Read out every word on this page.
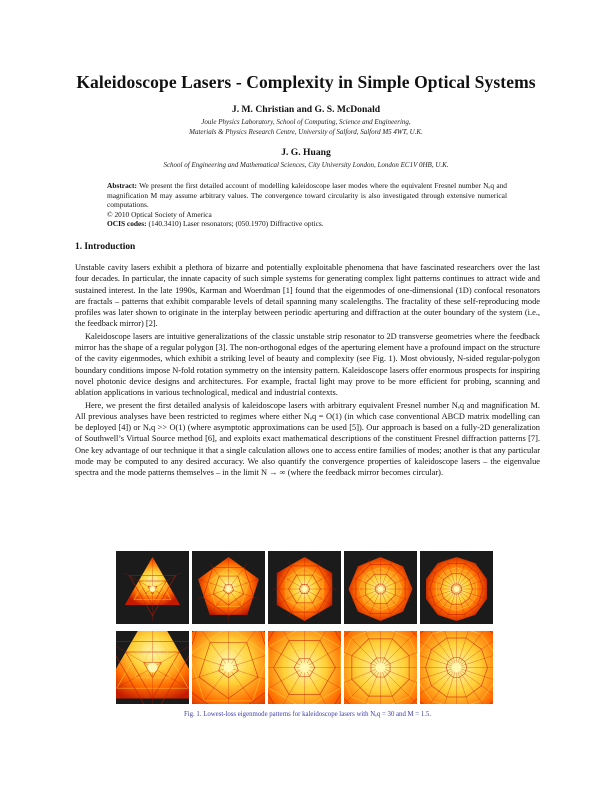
Kaleidoscope Lasers - Complexity in Simple Optical Systems
J. M. Christian and G. S. McDonald
Joule Physics Laboratory, School of Computing, Science and Engineering,
Materials & Physics Research Centre, University of Salford, Salford M5 4WT, U.K.
J. G. Huang
School of Engineering and Mathematical Sciences, City University London, London EC1V 0HB, U.K.

Abstract: We present the first detailed account of modelling kaleidoscope laser modes where the equivalent Fresnel number Nₑq and magnification M may assume arbitrary values. The convergence toward circularity is also investigated through extensive numerical computations.

© 2010 Optical Society of America

OCIS codes: (140.3410) Laser resonators; (050.1970) Diffractive optics.

1. Introduction

Unstable cavity lasers exhibit a plethora of bizarre and potentially exploitable phenomena that have fascinated researchers over the last four decades. In particular, the innate capacity of such simple systems for generating complex light patterns continues to attract wide and sustained interest. In the late 1990s, Karman and Woerdman [1] found that the eigenmodes of one-dimensional (1D) confocal resonators are fractals – patterns that exhibit comparable levels of detail spanning many scalelengths. The fractality of these self-reproducing mode profiles was later shown to originate in the interplay between periodic aperturing and diffraction at the outer boundary of the system (i.e., the feedback mirror) [2].

Kaleidoscope lasers are intuitive generalizations of the classic unstable strip resonator to 2D transverse geometries where the feedback mirror has the shape of a regular polygon [3]. The non-orthogonal edges of the aperturing element have a profound impact on the structure of the cavity eigenmodes, which exhibit a striking level of beauty and complexity (see Fig. 1). Most obviously, N-sided regular-polygon boundary conditions impose N-fold rotation symmetry on the intensity pattern. Kaleidoscope lasers offer enormous prospects for inspiring novel photonic device designs and architectures. For example, fractal light may prove to be more efficient for probing, scanning and ablation applications in various technological, medical and industrial contexts.

Here, we present the first detailed analysis of kaleidoscope lasers with arbitrary equivalent Fresnel number Nₑq and magnification M. All previous analyses have been restricted to regimes where either Nₑq = O(1) (in which case conventional ABCD matrix modelling can be deployed [4]) or Nₑq >> O(1) (where asymptotic approximations can be used [5]). Our approach is based on a fully-2D generalization of Southwell’s Virtual Source method [6], and exploits exact mathematical descriptions of the constituent Fresnel diffraction patterns [7]. One key advantage of our technique it that a single calculation allows one to access entire families of modes; another is that any particular mode may be computed to any desired accuracy. We also quantify the convergence properties of kaleidoscope lasers – the eigenvalue spectra and the mode patterns themselves – in the limit N → ∞ (where the feedback mirror becomes circular).

Fig. 1. Lowest-loss eigenmode patterns for kaleidoscope lasers with Nₑq = 30 and M = 1.5.
